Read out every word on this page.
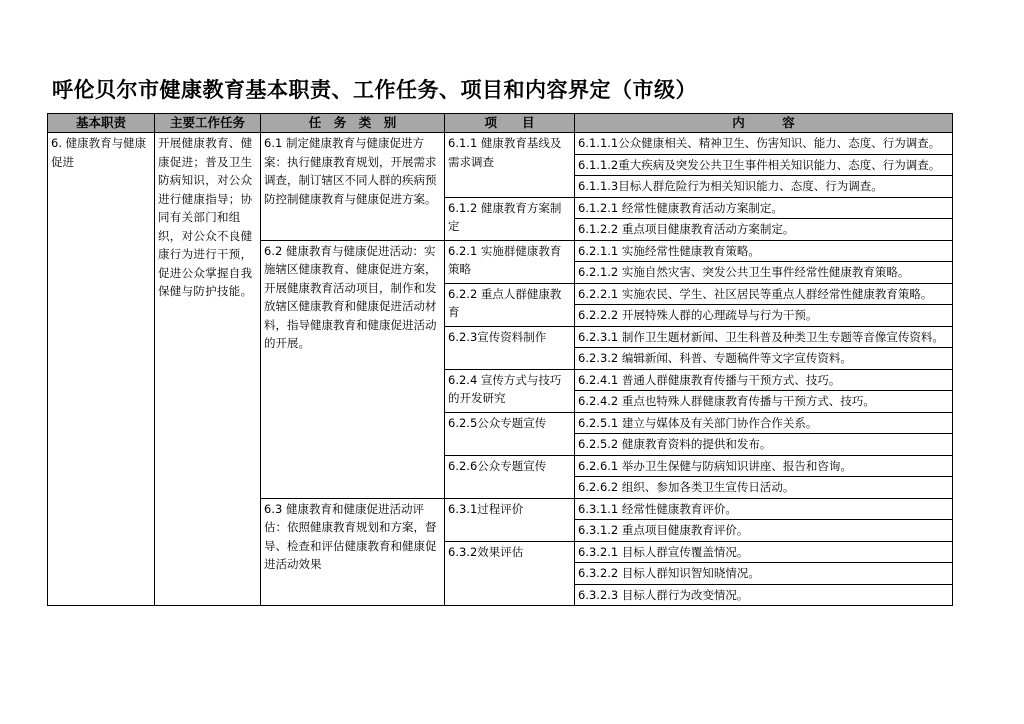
呼伦贝尔市健康教育基本职责、工作任务、项目和内容界定（市级）
基本职责	主要工作任务	任　务　类　别	项　　目	内　　　容
6. 健康教育与健康促进	开展健康教育、健康促进；普及卫生防病知识，对公众进行健康指导；协同有关部门和组织，对公众不良健康行为进行干预，促进公众掌握自我保健与防护技能。	6.1 制定健康教育与健康促进方案：执行健康教育规划，开展需求调查，制订辖区不同人群的疾病预防控制健康教育与健康促进方案。	6.1.1 健康教育基线及需求调查	6.1.1.1公众健康相关、精神卫生、伤害知识、能力、态度、行为调查。
				6.1.1.2重大疾病及突发公共卫生事件相关知识能力、态度、行为调查。
				6.1.1.3目标人群危险行为相关知识能力、态度、行为调查。
			6.1.2 健康教育方案制定	6.1.2.1 经常性健康教育活动方案制定。
				6.1.2.2 重点项目健康教育活动方案制定。
		6.2 健康教育与健康促进活动：实施辖区健康教育、健康促进方案，开展健康教育活动项目，制作和发放辖区健康教育和健康促进活动材料，指导健康教育和健康促进活动的开展。	6.2.1 实施群健康教育策略	6.2.1.1 实施经常性健康教育策略。
				6.2.1.2 实施自然灾害、突发公共卫生事件经常性健康教育策略。
			6.2.2 重点人群健康教育	6.2.2.1 实施农民、学生、社区居民等重点人群经常性健康教育策略。
				6.2.2.2 开展特殊人群的心理疏导与行为干预。
			6.2.3宣传资料制作	6.2.3.1 制作卫生题材新闻、卫生科普及种类卫生专题等音像宣传资料。
				6.2.3.2 编辑新闻、科普、专题稿件等文字宣传资料。
			6.2.4 宣传方式与技巧　的开发研究	6.2.4.1 普通人群健康教育传播与干预方式、技巧。
				6.2.4.2 重点也特殊人群健康教育传播与干预方式、技巧。
			6.2.5公众专题宣传	6.2.5.1 建立与媒体及有关部门协作合作关系。
				6.2.5.2 健康教育资料的提供和发布。
			6.2.6公众专题宣传	6.2.6.1 举办卫生保健与防病知识讲座、报告和咨询。
				6.2.6.2 组织、参加各类卫生宣传日活动。
		6.3 健康教育和健康促进活动评估：依照健康教育规划和方案，督导、检查和评估健康教育和健康促进活动效果	6.3.1过程评价	6.3.1.1 经常性健康教育评价。
				6.3.1.2 重点项目健康教育评价。
			6.3.2效果评估	6.3.2.1 目标人群宣传覆盖情况。
				6.3.2.2 目标人群知识智知晓情况。
				6.3.2.3 目标人群行为改变情况。
